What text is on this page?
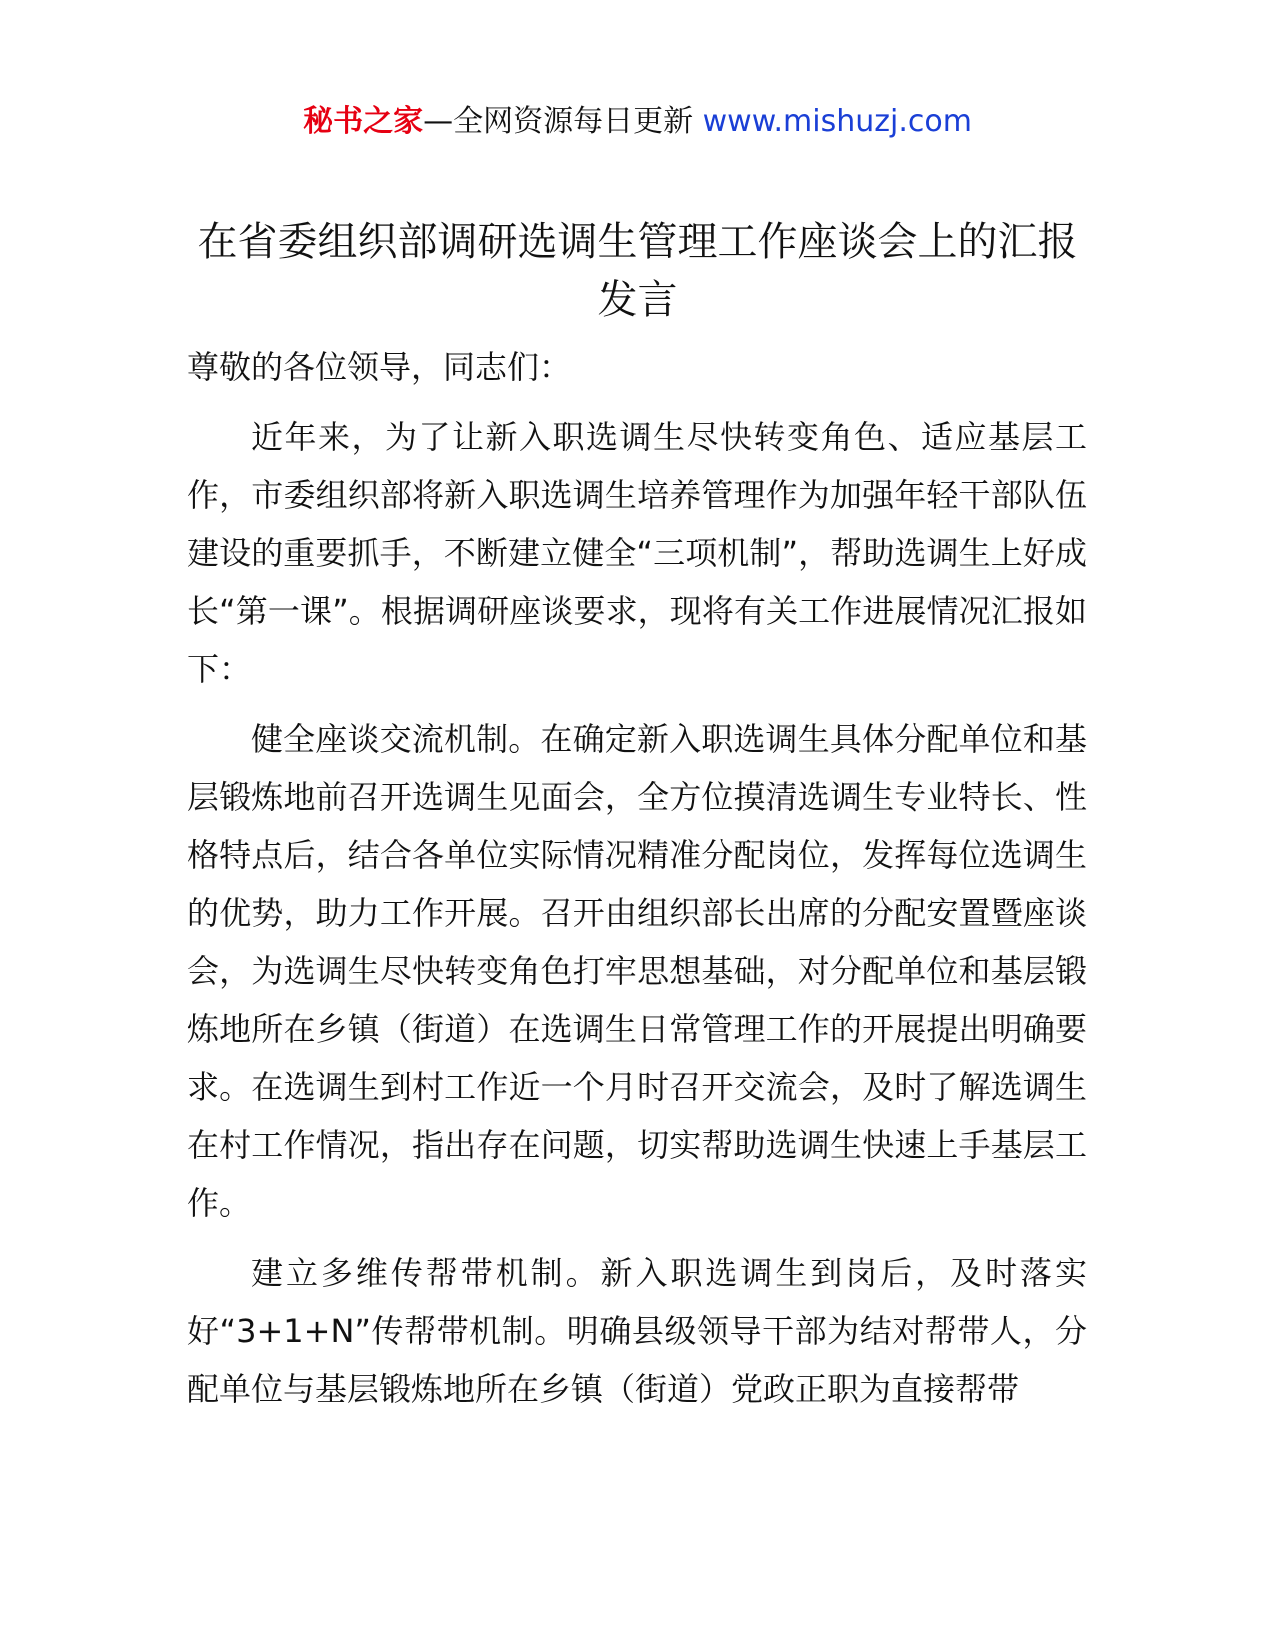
秘书之家—全网资源每日更新 www.mishuzj.com
在省委组织部调研选调生管理工作座谈会上的汇报发言

尊敬的各位领导，同志们：

近年来，为了让新入职选调生尽快转变角色、适应基层工作，市委组织部将新入职选调生培养管理作为加强年轻干部队伍建设的重要抓手，不断建立健全“三项机制”，帮助选调生上好成长“第一课”。根据调研座谈要求，现将有关工作进展情况汇报如下：

健全座谈交流机制。在确定新入职选调生具体分配单位和基层锻炼地前召开选调生见面会，全方位摸清选调生专业特长、性格特点后，结合各单位实际情况精准分配岗位，发挥每位选调生的优势，助力工作开展。召开由组织部长出席的分配安置暨座谈会，为选调生尽快转变角色打牢思想基础，对分配单位和基层锻炼地所在乡镇（街道）在选调生日常管理工作的开展提出明确要求。在选调生到村工作近一个月时召开交流会，及时了解选调生在村工作情况，指出存在问题，切实帮助选调生快速上手基层工作。

建立多维传帮带机制。新入职选调生到岗后，及时落实好“3+1+N”传帮带机制。明确县级领导干部为结对帮带人，分配单位与基层锻炼地所在乡镇（街道）党政正职为直接帮带
